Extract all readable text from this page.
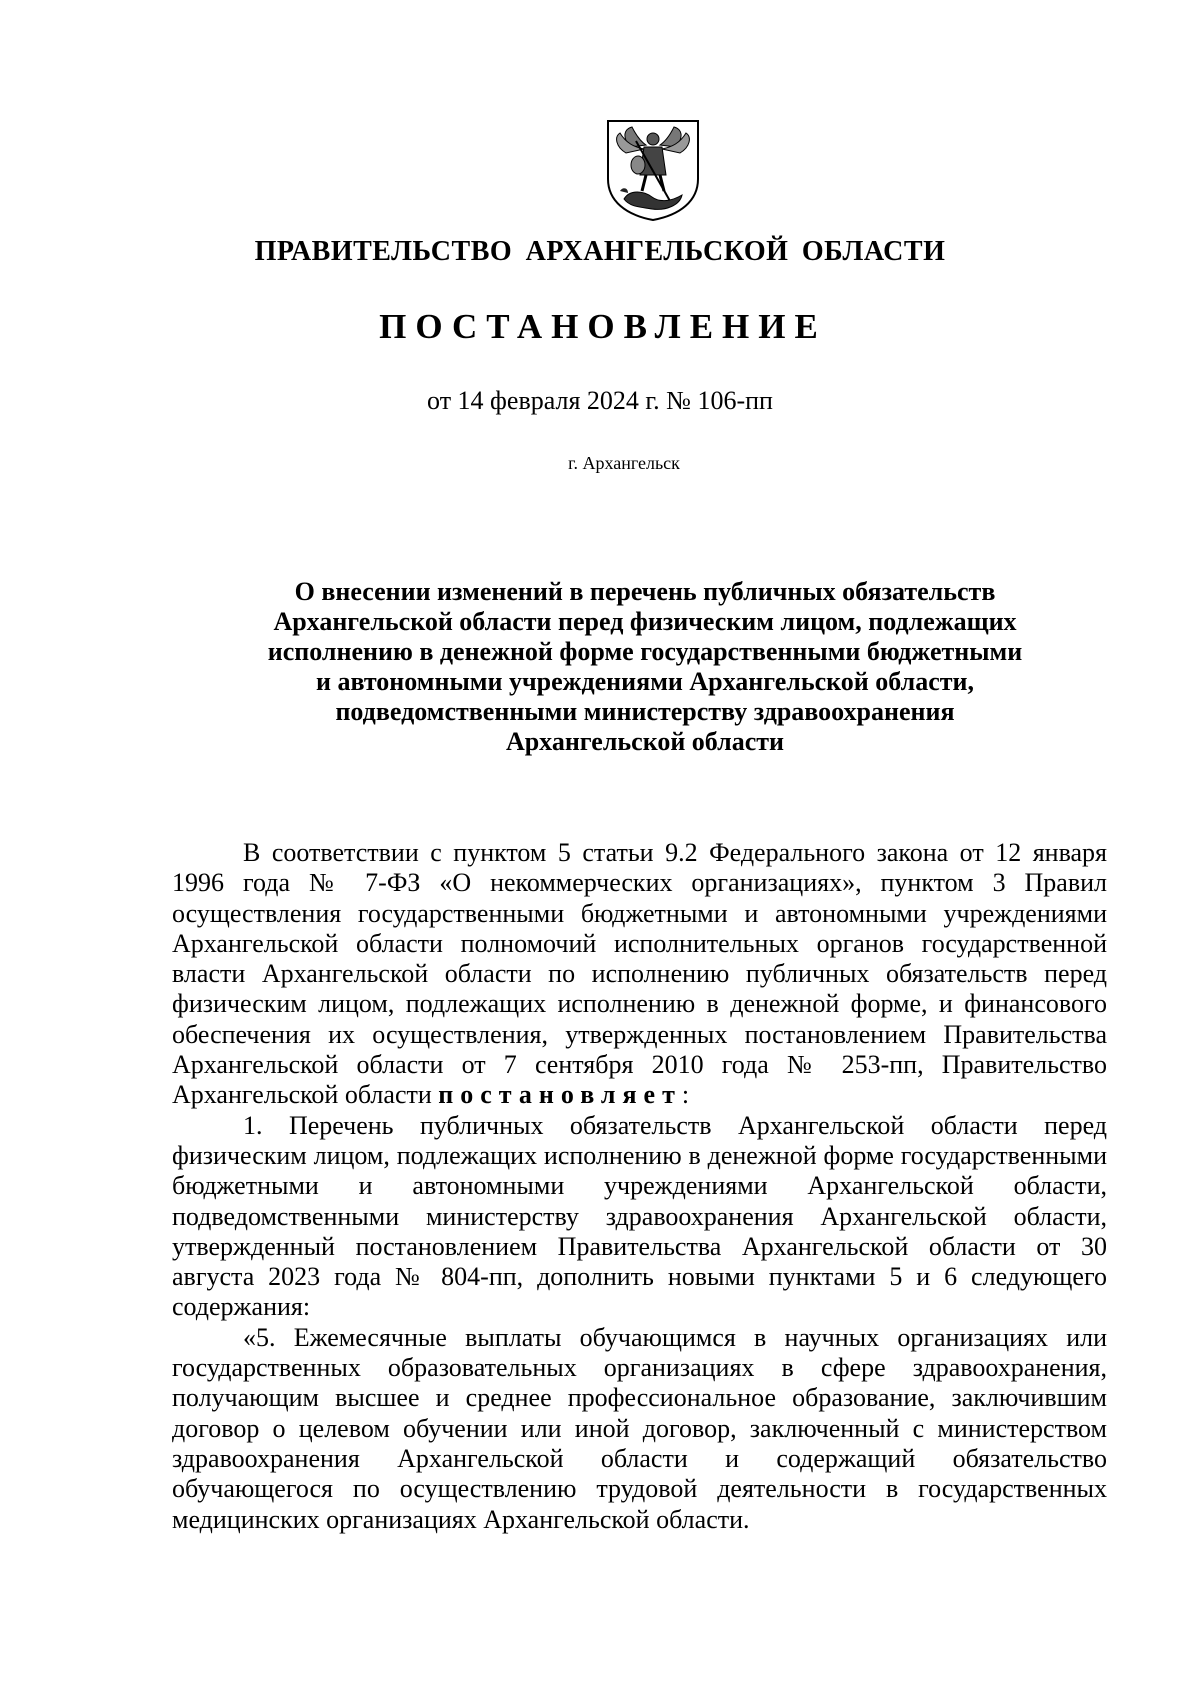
ПРАВИТЕЛЬСТВО АРХАНГЕЛЬСКОЙ ОБЛАСТИ
ПОСТАНОВЛЕНИЕ
от 14 февраля 2024 г. № 106-пп
г. Архангельск
О внесении изменений в перечень публичных обязательств
Архангельской области перед физическим лицом, подлежащих
исполнению в денежной форме государственными бюджетными
и автономными учреждениями Архангельской области,
подведомственными министерству здравоохранения
Архангельской области

В соответствии с пунктом 5 статьи 9.2 Федерального закона от 12 января 1996 года № 7-ФЗ «О некоммерческих организациях», пунктом 3 Правил осуществления государственными бюджетными и автономными учреждениями Архангельской области полномочий исполнительных органов государственной власти Архангельской области по исполнению публичных обязательств перед физическим лицом, подлежащих исполнению в денежной форме, и финансового обеспечения их осуществления, утвержденных постановлением Правительства Архангельской области от 7 сентября 2010 года № 253-пп, Правительство Архангельской области постановляет:

1. Перечень публичных обязательств Архангельской области перед физическим лицом, подлежащих исполнению в денежной форме государственными бюджетными и автономными учреждениями Архангельской области, подведомственными министерству здравоохранения Архангельской области, утвержденный постановлением Правительства Архангельской области от 30 августа 2023 года № 804-пп, дополнить новыми пунктами 5 и 6 следующего содержания:

«5. Ежемесячные выплаты обучающимся в научных организациях или государственных образовательных организациях в сфере здравоохранения, получающим высшее и среднее профессиональное образование, заключившим договор о целевом обучении или иной договор, заключенный с министерством здравоохранения Архангельской области и содержащий обязательство обучающегося по осуществлению трудовой деятельности в государственных медицинских организациях Архангельской области.
